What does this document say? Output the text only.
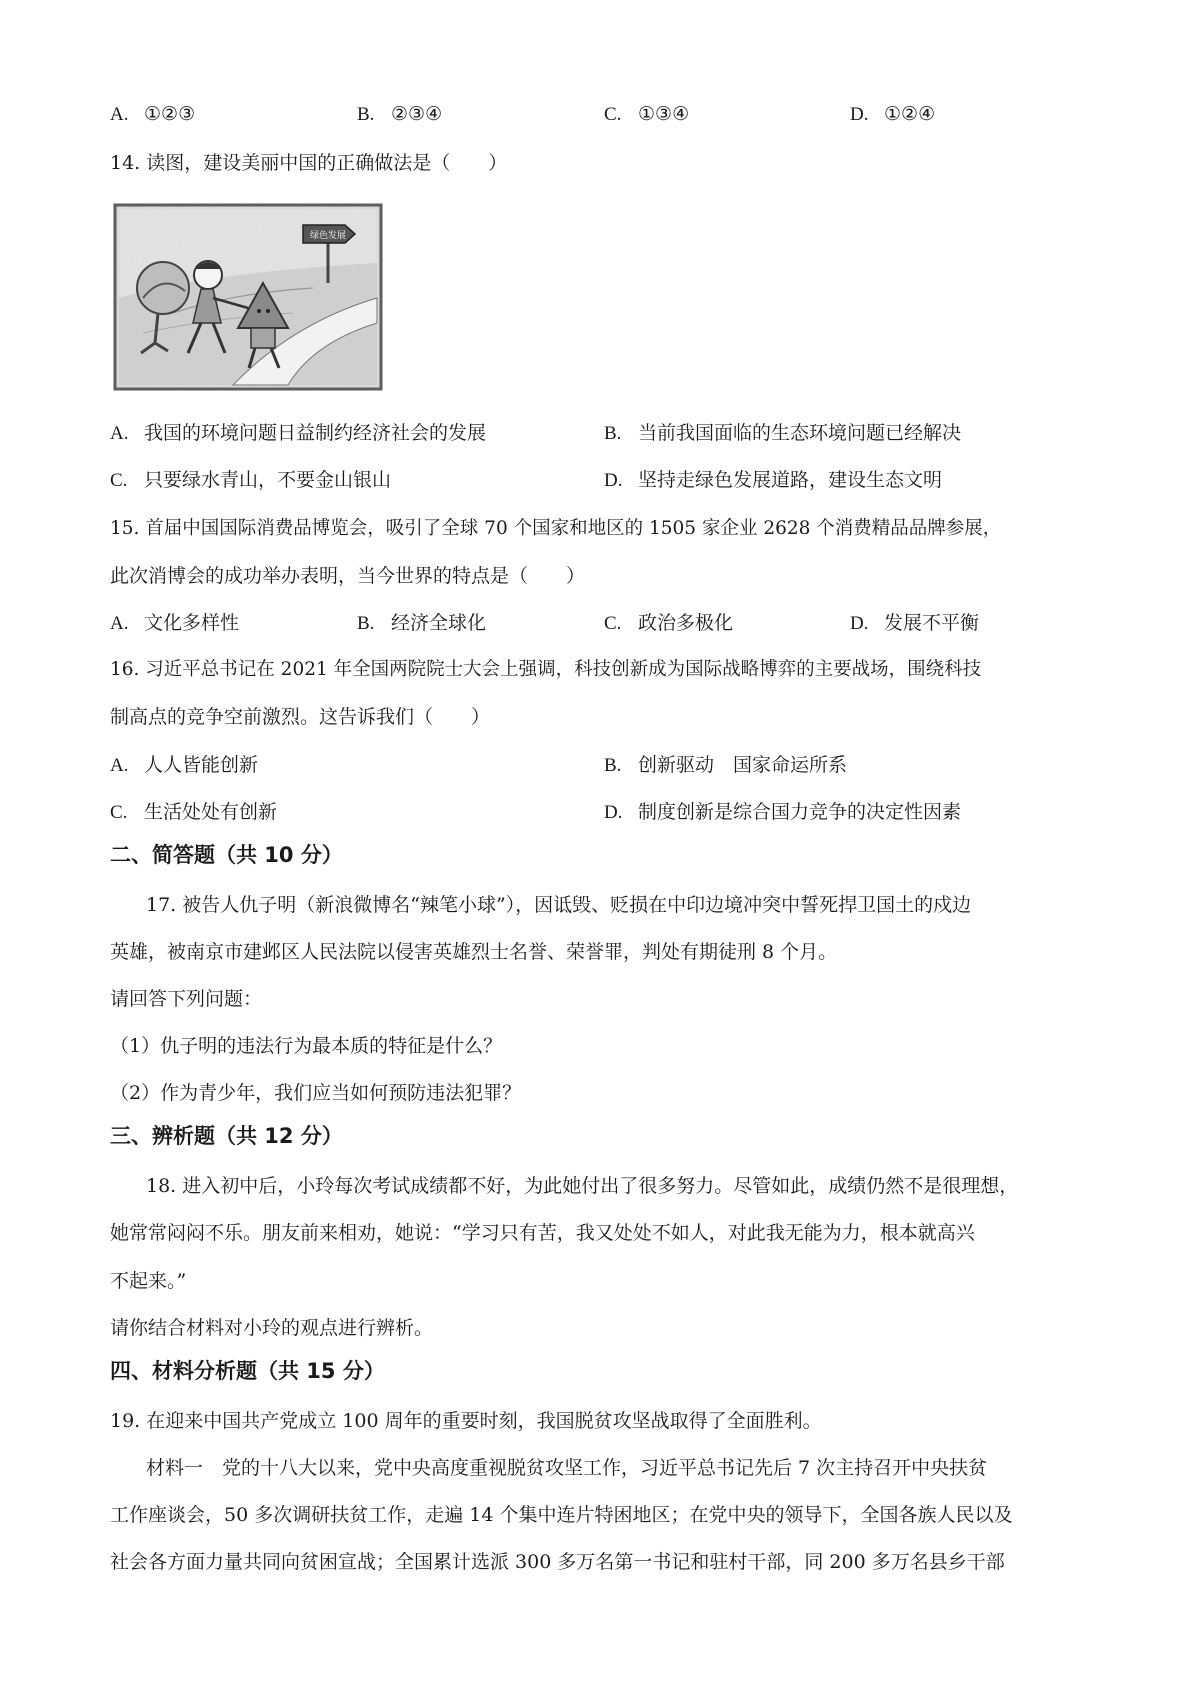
A. ①②③	B. ②③④	C. ①③④	D. ①②④
14. 读图，建设美丽中国的正确做法是（　　）
绿色发展
A. 我国的环境问题日益制约经济社会的发展	B. 当前我国面临的生态环境问题已经解决
C. 只要绿水青山，不要金山银山	D. 坚持走绿色发展道路，建设生态文明
15. 首届中国国际消费品博览会，吸引了全球 70 个国家和地区的 1505 家企业 2628 个消费精品品牌参展，
此次消博会的成功举办表明，当今世界的特点是（　　）
A. 文化多样性	B. 经济全球化	C. 政治多极化	D. 发展不平衡
16. 习近平总书记在 2021 年全国两院院士大会上强调，科技创新成为国际战略博弈的主要战场，围绕科技
制高点的竞争空前激烈。这告诉我们（　　）
A. 人人皆能创新	B. 创新驱动　国家命运所系
C. 生活处处有创新	D. 制度创新是综合国力竞争的决定性因素
二、简答题（共 10 分）
17. 被告人仇子明（新浪微博名“辣笔小球”），因诋毁、贬损在中印边境冲突中誓死捍卫国土的戍边
英雄，被南京市建邺区人民法院以侵害英雄烈士名誉、荣誉罪，判处有期徒刑 8 个月。
请回答下列问题：
（1）仇子明的违法行为最本质的特征是什么？
（2）作为青少年，我们应当如何预防违法犯罪？
三、辨析题（共 12 分）
18. 进入初中后，小玲每次考试成绩都不好，为此她付出了很多努力。尽管如此，成绩仍然不是很理想，
她常常闷闷不乐。朋友前来相劝，她说：“学习只有苦，我又处处不如人，对此我无能为力，根本就高兴
不起来。”
请你结合材料对小玲的观点进行辨析。
四、材料分析题（共 15 分）
19. 在迎来中国共产党成立 100 周年的重要时刻，我国脱贫攻坚战取得了全面胜利。
材料一　党的十八大以来，党中央高度重视脱贫攻坚工作，习近平总书记先后 7 次主持召开中央扶贫
工作座谈会，50 多次调研扶贫工作，走遍 14 个集中连片特困地区；在党中央的领导下，全国各族人民以及
社会各方面力量共同向贫困宣战；全国累计选派 300 多万名第一书记和驻村干部，同 200 多万名县乡干部
